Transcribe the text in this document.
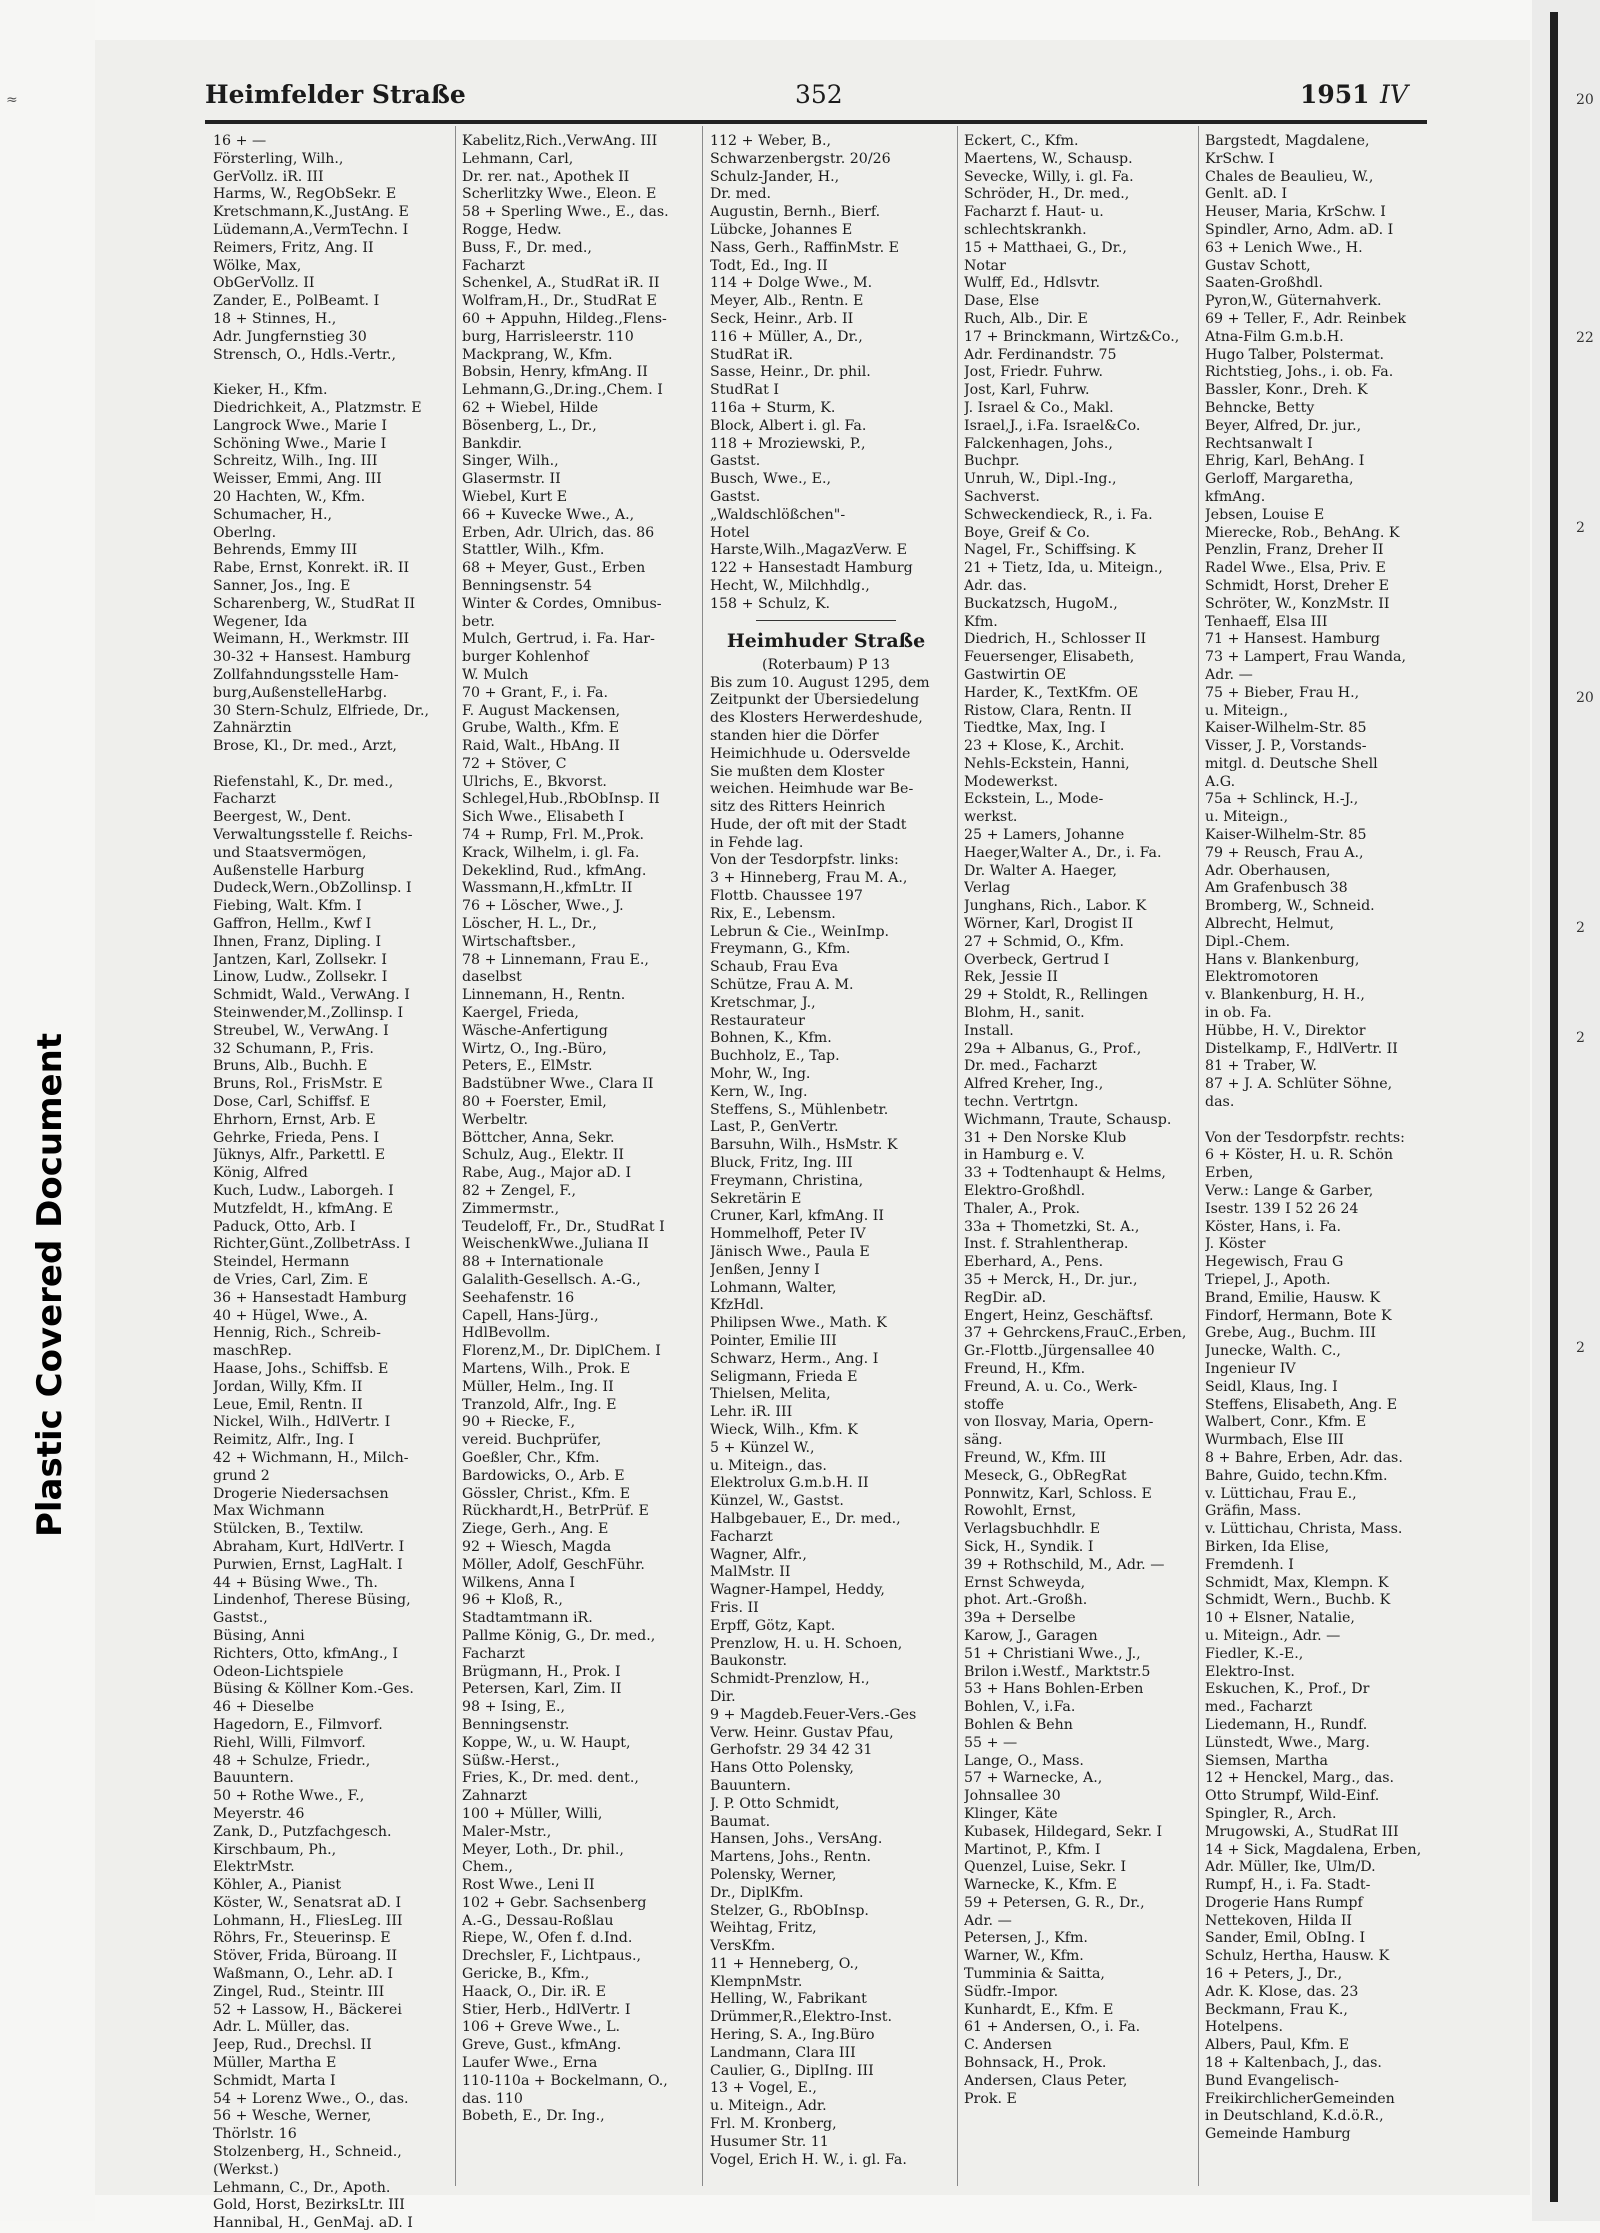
≈
Plastic Covered Document
Heimfelder Straße	352	1951 IV
16 + —
Försterling, Wilh.,
GerVollz. iR. III
Harms, W., RegObSekr. E
Kretschmann,K.,JustAng. E
Lüdemann,A.,VermTechn. I
Reimers, Fritz, Ang. II
Wölke, Max,
ObGerVollz. II
Zander, E., PolBeamt. I
18 + Stinnes, H.,
Adr. Jungfernstieg 30
Strensch, O., Hdls.-Vertr.,

Kieker, H., Kfm.
Diedrichkeit, A., Platzmstr. E
Langrock Wwe., Marie I
Schöning Wwe., Marie I
Schreitz, Wilh., Ing. III
Weisser, Emmi, Ang. III
20 Hachten, W., Kfm.
Schumacher, H.,
Oberlng.
Behrends, Emmy III
Rabe, Ernst, Konrekt. iR. II
Sanner, Jos., Ing. E
Scharenberg, W., StudRat II
Wegener, Ida
Weimann, H., Werkmstr. III
30-32 + Hansest. Hamburg
Zollfahndungsstelle Ham-
burg,AußenstelleHarbg.
30 Stern-Schulz, Elfriede, Dr.,
Zahnärztin
Brose, Kl., Dr. med., Arzt,

Riefenstahl, K., Dr. med.,
Facharzt
Beergest, W., Dent.
Verwaltungsstelle f. Reichs-
und Staatsvermögen,
Außenstelle Harburg
Dudeck,Wern.,ObZollinsp. I
Fiebing, Walt. Kfm. I
Gaffron, Hellm., Kwf I
Ihnen, Franz, Dipling. I
Jantzen, Karl, Zollsekr. I
Linow, Ludw., Zollsekr. I
Schmidt, Wald., VerwAng. I
Steinwender,M.,Zollinsp. I
Streubel, W., VerwAng. I
32 Schumann, P., Fris.
Bruns, Alb., Buchh. E
Bruns, Rol., FrisMstr. E
Dose, Carl, Schiffsf. E
Ehrhorn, Ernst, Arb. E
Gehrke, Frieda, Pens. I
Jüknys, Alfr., Parkettl. E
König, Alfred
Kuch, Ludw., Laborgeh. I
Mutzfeldt, H., kfmAng. E
Paduck, Otto, Arb. I
Richter,Günt.,ZollbetrAss. I
Steindel, Hermann
de Vries, Carl, Zim. E
36 + Hansestadt Hamburg
40 + Hügel, Wwe., A.
Hennig, Rich., Schreib-
maschRep.
Haase, Johs., Schiffsb. E
Jordan, Willy, Kfm. II
Leue, Emil, Rentn. II
Nickel, Wilh., HdlVertr. I
Reimitz, Alfr., Ing. I
42 + Wichmann, H., Milch-
grund 2
Drogerie Niedersachsen
Max Wichmann
Stülcken, B., Textilw.
Abraham, Kurt, HdlVertr. I
Purwien, Ernst, LagHalt. I
44 + Büsing Wwe., Th.
Lindenhof, Therese Büsing,
Gastst.,
Büsing, Anni
Richters, Otto, kfmAng., I
Odeon-Lichtspiele
Büsing & Köllner Kom.-Ges.
46 + Dieselbe
Hagedorn, E., Filmvorf.
Riehl, Willi, Filmvorf.
48 + Schulze, Friedr.,
Bauuntern.
50 + Rothe Wwe., F.,
Meyerstr. 46
Zank, D., Putzfachgesch.
Kirschbaum, Ph.,
ElektrMstr.
Köhler, A., Pianist
Köster, W., Senatsrat aD. I
Lohmann, H., FliesLeg. III
Röhrs, Fr., Steuerinsp. E
Stöver, Frida, Büroang. II
Waßmann, O., Lehr. aD. I
Zingel, Rud., Steintr. III
52 + Lassow, H., Bäckerei
Adr. L. Müller, das.
Jeep, Rud., Drechsl. II
Müller, Martha E
Schmidt, Marta I
54 + Lorenz Wwe., O., das.
56 + Wesche, Werner,
Thörlstr. 16
Stolzenberg, H., Schneid.,
(Werkst.)
Lehmann, C., Dr., Apoth.
Gold, Horst, BezirksLtr. III
Hannibal, H., GenMaj. aD. I
Kabelitz,Rich.,VerwAng. III
Lehmann, Carl,
Dr. rer. nat., Apothek II
Scherlitzky Wwe., Eleon. E
58 + Sperling Wwe., E., das.
Rogge, Hedw.
Buss, F., Dr. med.,
Facharzt
Schenkel, A., StudRat iR. II
Wolfram,H., Dr., StudRat E
60 + Appuhn, Hildeg.,Flens-
burg, Harrisleerstr. 110
Mackprang, W., Kfm.
Bobsin, Henry, kfmAng. II
Lehmann,G.,Dr.ing.,Chem. I
62 + Wiebel, Hilde
Bösenberg, L., Dr.,
Bankdir.
Singer, Wilh.,
Glasermstr. II
Wiebel, Kurt E
66 + Kuvecke Wwe., A.,
Erben, Adr. Ulrich, das. 86
Stattler, Wilh., Kfm.
68 + Meyer, Gust., Erben
Benningsenstr. 54
Winter & Cordes, Omnibus-
betr.
Mulch, Gertrud, i. Fa. Har-
burger Kohlenhof
W. Mulch
70 + Grant, F., i. Fa.
F. August Mackensen,
Grube, Walth., Kfm. E
Raid, Walt., HbAng. II
72 + Stöver, C
Ulrichs, E., Bkvorst.
Schlegel,Hub.,RbObInsp. II
Sich Wwe., Elisabeth I
74 + Rump, Frl. M.,Prok.
Krack, Wilhelm, i. gl. Fa.
Dekeklind, Rud., kfmAng.
Wassmann,H.,kfmLtr. II
76 + Löscher, Wwe., J.
Löscher, H. L., Dr.,
Wirtschaftsber.,
78 + Linnemann, Frau E.,
daselbst
Linnemann, H., Rentn.
Kaergel, Frieda,
Wäsche-Anfertigung
Wirtz, O., Ing.-Büro,
Peters, E., ElMstr.
Badstübner Wwe., Clara II
80 + Foerster, Emil,
Werbeltr.
Böttcher, Anna, Sekr.
Schulz, Aug., Elektr. II
Rabe, Aug., Major aD. I
82 + Zengel, F.,
Zimmermstr.,
Teudeloff, Fr., Dr., StudRat I
WeischenkWwe.,Juliana II
88 + Internationale
Galalith-Gesellsch. A.-G.,
Seehafenstr. 16
Capell, Hans-Jürg.,
HdlBevollm.
Florenz,M., Dr. DiplChem. I
Martens, Wilh., Prok. E
Müller, Helm., Ing. II
Tranzold, Alfr., Ing. E
90 + Riecke, F.,
vereid. Buchprüfer,
Goeßler, Chr., Kfm.
Bardowicks, O., Arb. E
Gössler, Christ., Kfm. E
Rückhardt,H., BetrPrüf. E
Ziege, Gerh., Ang. E
92 + Wiesch, Magda
Möller, Adolf, GeschFühr.
Wilkens, Anna I
96 + Kloß, R.,
Stadtamtmann iR.
Pallme König, G., Dr. med.,
Facharzt
Brügmann, H., Prok. I
Petersen, Karl, Zim. II
98 + Ising, E.,
Benningsenstr.
Koppe, W., u. W. Haupt,
Süßw.-Herst.,
Fries, K., Dr. med. dent.,
Zahnarzt
100 + Müller, Willi,
Maler-Mstr.,
Meyer, Loth., Dr. phil.,
Chem.,
Rost Wwe., Leni II
102 + Gebr. Sachsenberg
A.-G., Dessau-Roßlau
Riepe, W., Ofen f. d.Ind.
Drechsler, F., Lichtpaus.,
Gericke, B., Kfm.,
Haack, O., Dir. iR. E
Stier, Herb., HdlVertr. I
106 + Greve Wwe., L.
Greve, Gust., kfmAng.
Laufer Wwe., Erna
110-110a + Bockelmann, O.,
das. 110
Bobeth, E., Dr. Ing.,
112 + Weber, B.,
Schwarzenbergstr. 20/26
Schulz-Jander, H.,
Dr. med.
Augustin, Bernh., Bierf.
Lübcke, Johannes E
Nass, Gerh., RaffinMstr. E
Todt, Ed., Ing. II
114 + Dolge Wwe., M.
Meyer, Alb., Rentn. E
Seck, Heinr., Arb. II
116 + Müller, A., Dr.,
StudRat iR.
Sasse, Heinr., Dr. phil.
StudRat I
116a + Sturm, K.
Block, Albert i. gl. Fa.
118 + Mroziewski, P.,
Gastst.
Busch, Wwe., E.,
Gastst.
„Waldschlößchen"-
Hotel
Harste,Wilh.,MagazVerw. E
122 + Hansestadt Hamburg
Hecht, W., Milchhdlg.,
158 + Schulz, K.
Heimhuder Straße
(Roterbaum) P 13
Bis zum 10. August 1295, dem
Zeitpunkt der Übersiedelung
des Klosters Herwerdeshude,
standen hier die Dörfer
Heimichhude u. Odersvelde
Sie mußten dem Kloster
weichen. Heimhude war Be-
sitz des Ritters Heinrich
Hude, der oft mit der Stadt
in Fehde lag.
Von der Tesdorpfstr. links:
3 + Hinneberg, Frau M. A.,
Flottb. Chaussee 197
Rix, E., Lebensm.
Lebrun & Cie., WeinImp.
Freymann, G., Kfm.
Schaub, Frau Eva
Schütze, Frau A. M.
Kretschmar, J.,
Restaurateur
Bohnen, K., Kfm.
Buchholz, E., Tap.
Mohr, W., Ing.
Kern, W., Ing.
Steffens, S., Mühlenbetr.
Last, P., GenVertr.
Barsuhn, Wilh., HsMstr. K
Bluck, Fritz, Ing. III
Freymann, Christina,
Sekretärin E
Cruner, Karl, kfmAng. II
Hommelhoff, Peter IV
Jänisch Wwe., Paula E
Jenßen, Jenny I
Lohmann, Walter,
KfzHdl.
Philipsen Wwe., Math. K
Pointer, Emilie III
Schwarz, Herm., Ang. I
Seligmann, Frieda E
Thielsen, Melita,
Lehr. iR. III
Wieck, Wilh., Kfm. K
5 + Künzel W.,
u. Miteign., das.
Elektrolux G.m.b.H. II
Künzel, W., Gastst.
Halbgebauer, E., Dr. med.,
Facharzt
Wagner, Alfr.,
MalMstr. II
Wagner-Hampel, Heddy,
Fris. II
Erpff, Götz, Kapt.
Prenzlow, H. u. H. Schoen,
Baukonstr.
Schmidt-Prenzlow, H.,
Dir.
9 + Magdeb.Feuer-Vers.-Ges
Verw. Heinr. Gustav Pfau,
Gerhofstr. 29 34 42 31
Hans Otto Polensky,
Bauuntern.
J. P. Otto Schmidt,
Baumat.
Hansen, Johs., VersAng.
Martens, Johs., Rentn.
Polensky, Werner,
Dr., DiplKfm.
Stelzer, G., RbObInsp.
Weihtag, Fritz,
VersKfm.
11 + Henneberg, O.,
KlempnMstr.
Helling, W., Fabrikant
Drümmer,R.,Elektro-Inst.
Hering, S. A., Ing.Büro
Landmann, Clara III
Caulier, G., DiplIng. III
13 + Vogel, E.,
u. Miteign., Adr.
Frl. M. Kronberg,
Husumer Str. 11
Vogel, Erich H. W., i. gl. Fa.
Eckert, C., Kfm.
Maertens, W., Schausp.
Sevecke, Willy, i. gl. Fa.
Schröder, H., Dr. med.,
Facharzt f. Haut- u.
schlechtskrankh.
15 + Matthaei, G., Dr.,
Notar
Wulff, Ed., Hdlsvtr.
Dase, Else
Ruch, Alb., Dir. E
17 + Brinckmann, Wirtz&Co.,
Adr. Ferdinandstr. 75
Jost, Friedr. Fuhrw.
Jost, Karl, Fuhrw.
J. Israel & Co., Makl.
Israel,J., i.Fa. Israel&Co.
Falckenhagen, Johs.,
Buchpr.
Unruh, W., Dipl.-Ing.,
Sachverst.
Schweckendieck, R., i. Fa.
Boye, Greif & Co.
Nagel, Fr., Schiffsing. K
21 + Tietz, Ida, u. Miteign.,
Adr. das.
Buckatzsch, HugoM.,
Kfm.
Diedrich, H., Schlosser II
Feuersenger, Elisabeth,
Gastwirtin OE
Harder, K., TextKfm. OE
Ristow, Clara, Rentn. II
Tiedtke, Max, Ing. I
23 + Klose, K., Archit.
Nehls-Eckstein, Hanni,
Modewerkst.
Eckstein, L., Mode-
werkst.
25 + Lamers, Johanne
Haeger,Walter A., Dr., i. Fa.
Dr. Walter A. Haeger,
Verlag
Junghans, Rich., Labor. K
Wörner, Karl, Drogist II
27 + Schmid, O., Kfm.
Overbeck, Gertrud I
Rek, Jessie II
29 + Stoldt, R., Rellingen
Blohm, H., sanit.
Install.
29a + Albanus, G., Prof.,
Dr. med., Facharzt
Alfred Kreher, Ing.,
techn. Vertrtgn.
Wichmann, Traute, Schausp.
31 + Den Norske Klub
in Hamburg e. V.
33 + Todtenhaupt & Helms,
Elektro-Großhdl.
Thaler, A., Prok.
33a + Thometzki, St. A.,
Inst. f. Strahlentherap.
Eberhard, A., Pens.
35 + Merck, H., Dr. jur.,
RegDir. aD.
Engert, Heinz, Geschäftsf.
37 + Gehrckens,FrauC.,Erben,
Gr.-Flottb.,Jürgensallee 40
Freund, H., Kfm.
Freund, A. u. Co., Werk-
stoffe
von Ilosvay, Maria, Opern-
säng.
Freund, W., Kfm. III
Meseck, G., ObRegRat
Ponnwitz, Karl, Schloss. E
Rowohlt, Ernst,
Verlagsbuchhdlr. E
Sick, H., Syndik. I
39 + Rothschild, M., Adr. —
Ernst Schweyda,
phot. Art.-Großh.
39a + Derselbe
Karow, J., Garagen
51 + Christiani Wwe., J.,
Brilon i.Westf., Marktstr.5
53 + Hans Bohlen-Erben
Bohlen, V., i.Fa.
Bohlen & Behn
55 + —
Lange, O., Mass.
57 + Warnecke, A.,
Johnsallee 30
Klinger, Käte
Kubasek, Hildegard, Sekr. I
Martinot, P., Kfm. I
Quenzel, Luise, Sekr. I
Warnecke, K., Kfm. E
59 + Petersen, G. R., Dr.,
Adr. —
Petersen, J., Kfm.
Warner, W., Kfm.
Tumminia & Saitta,
Südfr.-Impor.
Kunhardt, E., Kfm. E
61 + Andersen, O., i. Fa.
C. Andersen
Bohnsack, H., Prok.
Andersen, Claus Peter,
Prok. E
Bargstedt, Magdalene,
KrSchw. I
Chales de Beaulieu, W.,
Genlt. aD. I
Heuser, Maria, KrSchw. I
Spindler, Arno, Adm. aD. I
63 + Lenich Wwe., H.
Gustav Schott,
Saaten-Großhdl.
Pyron,W., Güternahverk.
69 + Teller, F., Adr. Reinbek
Atna-Film G.m.b.H.
Hugo Talber, Polstermat.
Richtstieg, Johs., i. ob. Fa.
Bassler, Konr., Dreh. K
Behncke, Betty
Beyer, Alfred, Dr. jur.,
Rechtsanwalt I
Ehrig, Karl, BehAng. I
Gerloff, Margaretha,
kfmAng.
Jebsen, Louise E
Mierecke, Rob., BehAng. K
Penzlin, Franz, Dreher II
Radel Wwe., Elsa, Priv. E
Schmidt, Horst, Dreher E
Schröter, W., KonzMstr. II
Tenhaeff, Elsa III
71 + Hansest. Hamburg
73 + Lampert, Frau Wanda,
Adr. —
75 + Bieber, Frau H.,
u. Miteign.,
Kaiser-Wilhelm-Str. 85
Visser, J. P., Vorstands-
mitgl. d. Deutsche Shell
A.G.
75a + Schlinck, H.-J.,
u. Miteign.,
Kaiser-Wilhelm-Str. 85
79 + Reusch, Frau A.,
Adr. Oberhausen,
Am Grafenbusch 38
Bromberg, W., Schneid.
Albrecht, Helmut,
Dipl.-Chem.
Hans v. Blankenburg,
Elektromotoren
v. Blankenburg, H. H.,
in ob. Fa.
Hübbe, H. V., Direktor
Distelkamp, F., HdlVertr. II
81 + Traber, W.
87 + J. A. Schlüter Söhne,
das.

Von der Tesdorpfstr. rechts:
6 + Köster, H. u. R. Schön
Erben,
Verw.: Lange & Garber,
Isestr. 139 I 52 26 24
Köster, Hans, i. Fa.
J. Köster
Hegewisch, Frau G
Triepel, J., Apoth.
Brand, Emilie, Hausw. K
Findorf, Hermann, Bote K
Grebe, Aug., Buchm. III
Junecke, Walth. C.,
Ingenieur IV
Seidl, Klaus, Ing. I
Steffens, Elisabeth, Ang. E
Walbert, Conr., Kfm. E
Wurmbach, Else III
8 + Bahre, Erben, Adr. das.
Bahre, Guido, techn.Kfm.
v. Lüttichau, Frau E.,
Gräfin, Mass.
v. Lüttichau, Christa, Mass.
Birken, Ida Elise,
Fremdenh. I
Schmidt, Max, Klempn. K
Schmidt, Wern., Buchb. K
10 + Elsner, Natalie,
u. Miteign., Adr. —
Fiedler, K.-E.,
Elektro-Inst.
Eskuchen, K., Prof., Dr
med., Facharzt
Liedemann, H., Rundf.
Lünstedt, Wwe., Marg.
Siemsen, Martha
12 + Henckel, Marg., das.
Otto Strumpf, Wild-Einf.
Spingler, R., Arch.
Mrugowski, A., StudRat III
14 + Sick, Magdalena, Erben,
Adr. Müller, Ike, Ulm/D.
Rumpf, H., i. Fa. Stadt-
Drogerie Hans Rumpf
Nettekoven, Hilda II
Sander, Emil, ObIng. I
Schulz, Hertha, Hausw. K
16 + Peters, J., Dr.,
Adr. K. Klose, das. 23
Beckmann, Frau K.,
Hotelpens.
Albers, Paul, Kfm. E
18 + Kaltenbach, J., das.
Bund Evangelisch-
FreikirchlicherGemeinden
in Deutschland, K.d.ö.R.,
Gemeinde Hamburg
20
22
2
20
2
2
2
